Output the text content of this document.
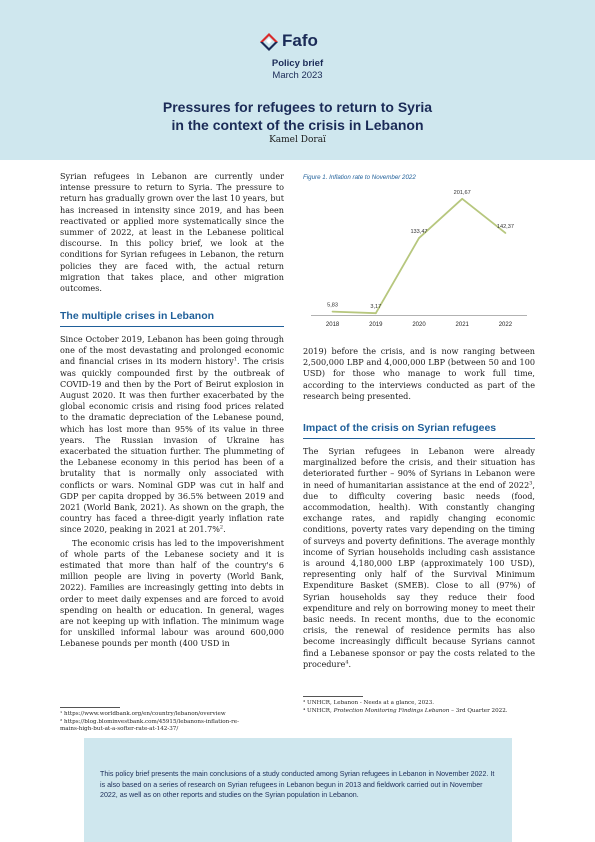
Fafo
Policy brief
March 2023
Pressures for refugees to return to Syria
in the context of the crisis in Lebanon
Kamel Doraï

Syrian refugees in Lebanon are currently under intense pressure to return to Syria. The pressure to return has gradually grown over the last 10 years, but has increased in intensity since 2019, and has been reactivated or applied more systematically since the summer of 2022, at least in the Lebanese political discourse. In this policy brief, we look at the conditions for Syrian refugees in Lebanon, the return policies they are faced with, the actual return migration that takes place, and other migration outcomes.

The multiple crises in Lebanon

Since October 2019, Lebanon has been going through one of the most devastating and prolonged economic and financial crises in its modern history$^1$. The crisis was quickly compounded first by the outbreak of COVID-19 and then by the Port of Beirut explosion in August 2020. It was then further exacerbated by the global economic crisis and rising food prices related to the dramatic depreciation of the Lebanese pound, which has lost more than 95% of its value in three years. The Russian invasion of Ukraine has exacerbated the situation further. The plummeting of the Lebanese economy in this period has been of a brutality that is normally only associated with conflicts or wars. Nominal GDP was cut in half and GDP per capita dropped by 36.5% between 2019 and 2021 (World Bank, 2021). As shown on the graph, the country has faced a three-digit yearly inflation rate since 2020, peaking in 2021 at 201.7%$^2$.

The economic crisis has led to the impoverishment of whole parts of the Lebanese society and it is estimated that more than half of the country's 6 million people are living in poverty (World Bank, 2022). Families are increasingly getting into debts in order to meet daily expenses and are forced to avoid spending on health or education. In general, wages are not keeping up with inflation. The minimum wage for unskilled informal labour was around 600,000 Lebanese pounds per month (400 USD in

¹ https://www.worldbank.org/en/country/lebanon/overview
² https://blog.blominvestbank.com/45915/lebanons-inflation-re-
mains-high-but-at-a-softer-rate-at-142-37/
Figure 1. Inflation rate to November 2022
5,83
2018
3,17
2019
133,47
2020
201,67
2021
142,37
2022

2019) before the crisis, and is now ranging between 2,500,000 LBP and 4,000,000 LBP (between 50 and 100 USD) for those who manage to work full time, according to the interviews conducted as part of the research being presented.

Impact of the crisis on Syrian refugees

The Syrian refugees in Lebanon were already marginalized before the crisis, and their situation has deteriorated further – 90% of Syrians in Lebanon were in need of humanitarian assistance at the end of 2022$^3$, due to difficulty covering basic needs (food, accommodation, health). With constantly changing exchange rates, and rapidly changing economic conditions, poverty rates vary depending on the timing of surveys and poverty definitions. The average monthly income of Syrian households including cash assistance is around 4,180,000 LBP (approximately 100 USD), representing only half of the Survival Minimum Expenditure Basket (SMEB). Close to all (97%) of Syrian households say they reduce their food expenditure and rely on borrowing money to meet their basic needs. In recent months, due to the economic crisis, the renewal of residence permits has also become increasingly difficult because Syrians cannot find a Lebanese sponsor or pay the costs related to the procedure$^4$.

³ UNHCR, Lebanon - Needs at a glance, 2023.
⁴ UNHCR, Protection Monitoring Findings Lebanon – 3rd Quarter 2022.
This policy brief presents the main conclusions of a study conducted among Syrian refugees in Lebanon in November 2022. It is also based on a series of research on Syrian refugees in Lebanon begun in 2013 and fieldwork carried out in November 2022, as well as on other reports and studies on the Syrian population in Lebanon.
